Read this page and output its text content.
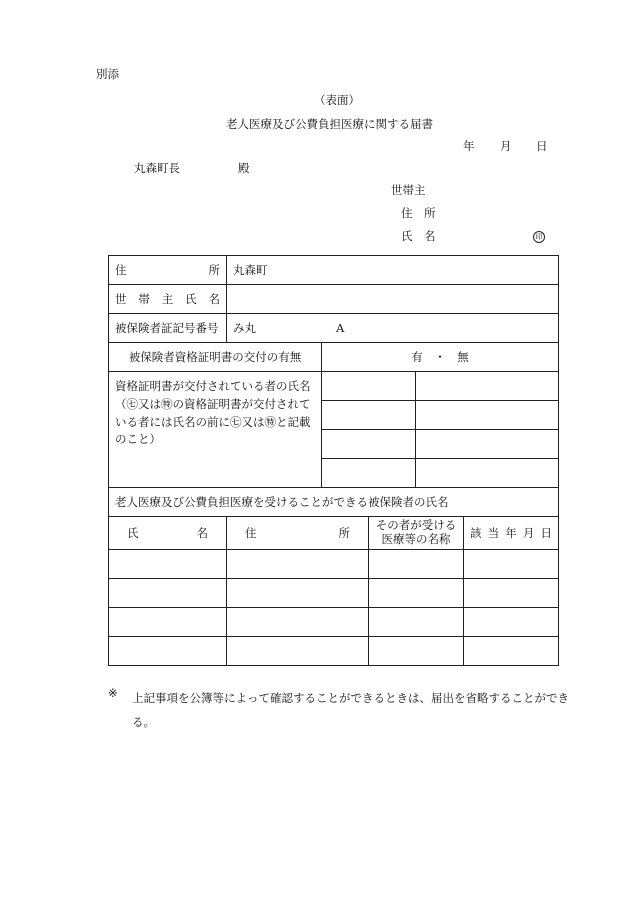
別添
（表面）
老人医療及び公費負担医療に関する届書
年 月 日
丸森町長	殿
世帯主
住　所
氏　名	印
住 所	丸森町				

世 帯 主 氏 名					

被保険者証記号番号	み丸 A				
被保険者資格証明書の交付の有無		有　・　無			
資格証明書が交付されている者の氏名（㊆又は㊕の資格証明書が交付されている者には氏名の前に㊆又は㊕と記載のこと）					

老人医療及び公費負担医療を受けることができる被保険者の氏名					

氏 名	住 所		その者が受ける医療等の名称		該 当 年 月 日

※ 上記事項を公簿等によって確認することができるときは、届出を省略することができる。
